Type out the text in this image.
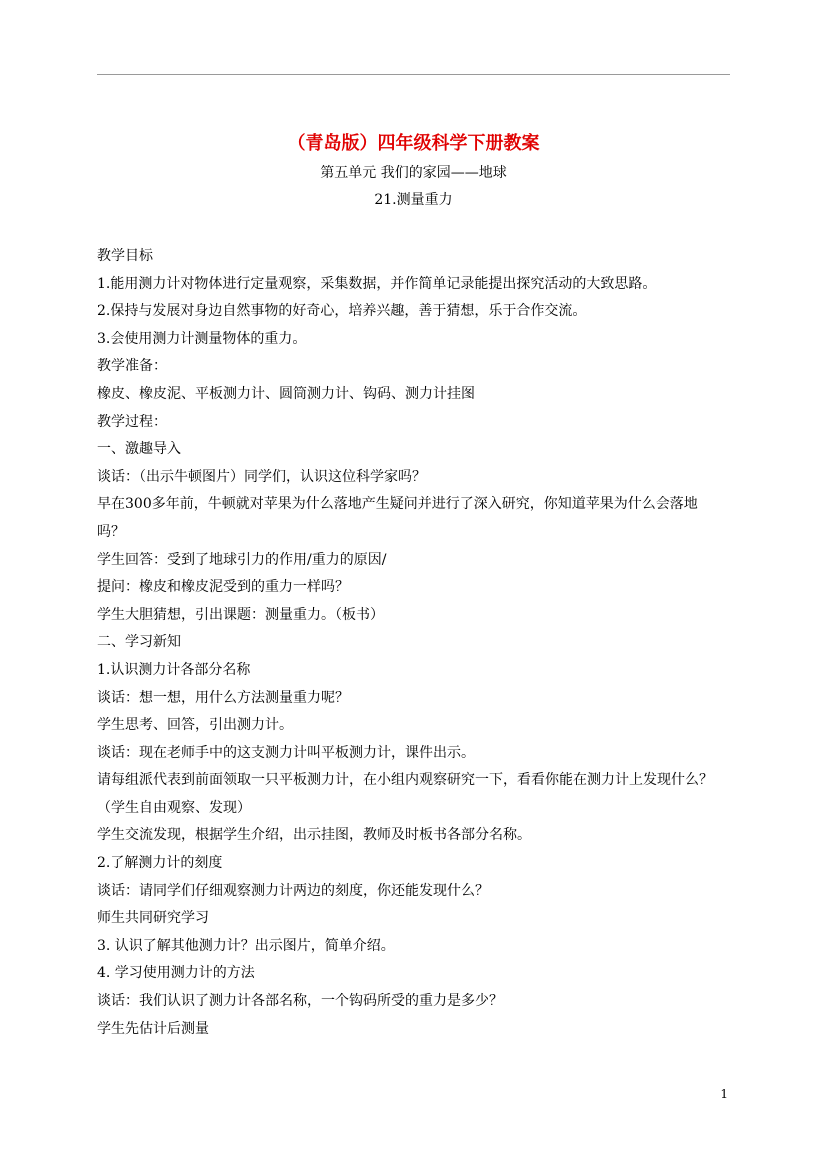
（青岛版）四年级科学下册教案
第五单元 我们的家园——地球
21.测量重力
教学目标
1.能用测力计对物体进行定量观察，采集数据，并作简单记录能提出探究活动的大致思路。
2.保持与发展对身边自然事物的好奇心，培养兴趣，善于猜想，乐于合作交流。
3.会使用测力计测量物体的重力。
教学准备：
橡皮、橡皮泥、平板测力计、圆筒测力计、钩码、测力计挂图
教学过程：
一、激趣导入
谈话：（出示牛顿图片）同学们，认识这位科学家吗？
早在300多年前，牛顿就对苹果为什么落地产生疑问并进行了深入研究，你知道苹果为什么会落地
吗？
学生回答：受到了地球引力的作用/重力的原因/
提问：橡皮和橡皮泥受到的重力一样吗？
学生大胆猜想，引出课题：测量重力。（板书）
二、学习新知
1.认识测力计各部分名称
谈话：想一想，用什么方法测量重力呢？
学生思考、回答，引出测力计。
谈话：现在老师手中的这支测力计叫平板测力计，课件出示。
请每组派代表到前面领取一只平板测力计，在小组内观察研究一下，看看你能在测力计上发现什么？
（学生自由观察、发现）
学生交流发现，根据学生介绍，出示挂图，教师及时板书各部分名称。
2.了解测力计的刻度
谈话：请同学们仔细观察测力计两边的刻度，你还能发现什么？
师生共同研究学习
3. 认识了解其他测力计？出示图片，简单介绍。
4. 学习使用测力计的方法
谈话：我们认识了测力计各部名称，一个钩码所受的重力是多少？
学生先估计后测量
1
